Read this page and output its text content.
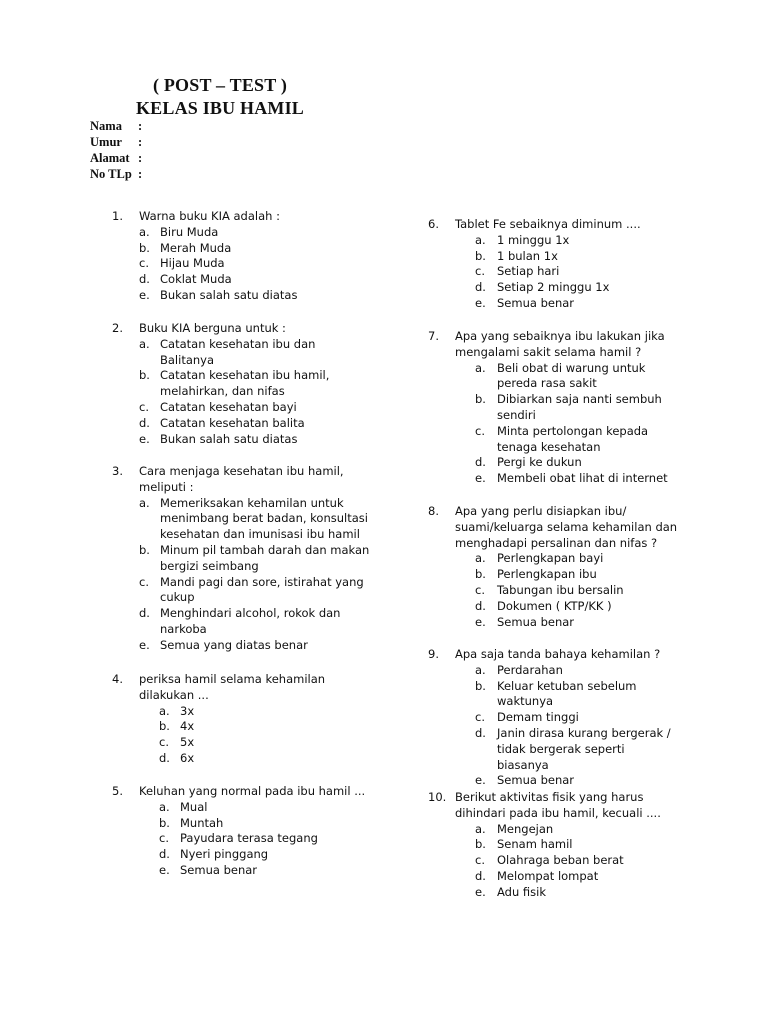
( POST – TEST )
KELAS IBU HAMIL
Nama :
Umur :
Alamat :
No TLp :
1. Warna buku KIA adalah :
a. Biru Muda
b. Merah Muda
c. Hijau Muda
d. Coklat Muda
e. Bukan salah satu diatas
2. Buku KIA berguna untuk :
a. Catatan kesehatan ibu dan Balitanya
b. Catatan kesehatan ibu hamil, melahirkan, dan nifas
c. Catatan kesehatan bayi
d. Catatan kesehatan balita
e. Bukan salah satu diatas
3. Cara menjaga kesehatan ibu hamil, meliputi :
a. Memeriksakan kehamilan untuk menimbang berat badan, konsultasi kesehatan dan imunisasi ibu hamil
b. Minum pil tambah darah dan makan bergizi seimbang
c. Mandi pagi dan sore, istirahat yang cukup
d. Menghindari alcohol, rokok dan narkoba
e. Semua yang diatas benar
4. periksa hamil selama kehamilan dilakukan ...
a. 3x
b. 4x
c. 5x
d. 6x
5. Keluhan yang normal pada ibu hamil ...
a. Mual
b. Muntah
c. Payudara terasa tegang
d. Nyeri pinggang
e. Semua benar
6. Tablet Fe sebaiknya diminum ....
a. 1 minggu 1x
b. 1 bulan 1x
c. Setiap hari
d. Setiap 2 minggu 1x
e. Semua benar
7. Apa yang sebaiknya ibu lakukan jika mengalami sakit selama hamil ?
a. Beli obat di warung untuk pereda rasa sakit
b. Dibiarkan saja nanti sembuh sendiri
c. Minta pertolongan kepada tenaga kesehatan
d. Pergi ke dukun
e. Membeli obat lihat di internet
8. Apa yang perlu disiapkan ibu/ suami/keluarga selama kehamilan dan menghadapi persalinan dan nifas ?
a. Perlengkapan bayi
b. Perlengkapan ibu
c. Tabungan ibu bersalin
d. Dokumen ( KTP/KK )
e. Semua benar
9. Apa saja tanda bahaya kehamilan ?
a. Perdarahan
b. Keluar ketuban sebelum waktunya
c. Demam tinggi
d. Janin dirasa kurang bergerak / tidak bergerak seperti biasanya
e. Semua benar
10. Berikut aktivitas fisik yang harus dihindari pada ibu hamil, kecuali ....
a. Mengejan
b. Senam hamil
c. Olahraga beban berat
d. Melompat lompat
e. Adu fisik
